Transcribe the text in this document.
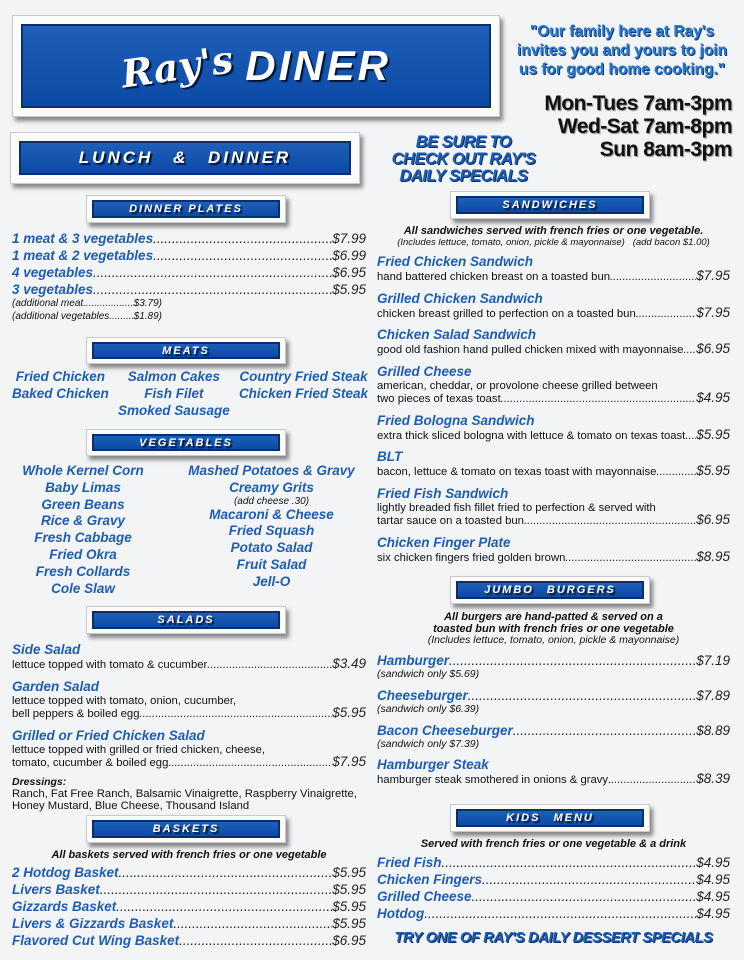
Ray's DINER
"Our family here at Ray's
invites you and yours to join
us for good home cooking."
Mon-Tues 7am-3pm
Wed-Sat 7am-8pm
Sun 8am-3pm
LUNCH & DINNER
BE SURE TO
CHECK OUT RAY'S
DAILY SPECIALS
DINNER PLATES
MEATS
VEGETABLES
SALADS
BASKETS
SANDWICHES
JUMBO BURGERS
KIDS MENU
1 meat & 3 vegetables .....	$7.99
1 meat & 2 vegetables .....	$6.99
4 vegetables .....	$6.95
3 vegetables .....	$5.95
(additional meat .....	$3.79)
(additional vegetables ..... $1.89)
Fried Chicken
Baked Chicken
Salmon Cakes
Fish Filet
Smoked Sausage
Country Fried Steak
Chicken Fried Steak
Whole Kernel Corn
Baby Limas
Green Beans
Rice & Gravy
Fresh Cabbage
Fried Okra
Fresh Collards
Cole Slaw
Mashed Potatoes & Gravy
Creamy Grits
(add cheese .30)
Macaroni & Cheese
Fried Squash
Potato Salad
Fruit Salad
Jell-O
Side Salad
lettuce topped with tomato & cucumber .....	$3.49
Garden Salad
lettuce topped with tomato, onion, cucumber,
bell peppers & boiled egg .....	$5.95
Grilled or Fried Chicken Salad
lettuce topped with grilled or fried chicken, cheese,
tomato, cucumber & boiled egg .....	$7.95
Dressings:
Ranch, Fat Free Ranch, Balsamic Vinaigrette, Raspberry Vinaigrette,
Honey Mustard, Blue Cheese, Thousand Island
All baskets served with french fries or one vegetable
2 Hotdog Basket .....	$5.95
Livers Basket .....	$5.95
Gizzards Basket .....	$5.95
Livers & Gizzards Basket .....	$5.95
Flavored Cut Wing Basket .....	$6.95
All sandwiches served with french fries or one vegetable.
(Includes lettuce, tomato, onion, pickle & mayonnaise)   (add bacon $1.00)
Fried Chicken Sandwich
hand battered chicken breast on a toasted bun .....	$7.95
Grilled Chicken Sandwich
chicken breast grilled to perfection on a toasted bun .....	$7.95
Chicken Salad Sandwich
good old fashion hand pulled chicken mixed with mayonnaise ..... $6.95
Grilled Cheese
american, cheddar, or provolone cheese grilled between
two pieces of texas toast .....	$4.95
Fried Bologna Sandwich
extra thick sliced bologna with lettuce & tomato on texas toast ..... $5.95
BLT
bacon, lettuce & tomato on texas toast with mayonnaise .....	$5.95
Fried Fish Sandwich
lightly breaded fish fillet fried to perfection & served with
tartar sauce on a toasted bun .....	$6.95
Chicken Finger Plate
six chicken fingers fried golden brown .....	$8.95
All burgers are hand-patted & served on a
toasted bun with french fries or one vegetable
(Includes lettuce, tomato, onion, pickle & mayonnaise)
Hamburger .....	$7.19
(sandwich only $5.69)
Cheeseburger .....	$7.89
(sandwich only $6.39)
Bacon Cheeseburger .....	$8.89
(sandwich only $7.39)
Hamburger Steak
hamburger steak smothered in onions & gravy .....	$8.39
Served with french fries or one vegetable & a drink
Fried Fish .....	$4.95
Chicken Fingers .....	$4.95
Grilled Cheese .....	$4.95
Hotdog .....	$4.95
TRY ONE OF RAY'S DAILY DESSERT SPECIALS
